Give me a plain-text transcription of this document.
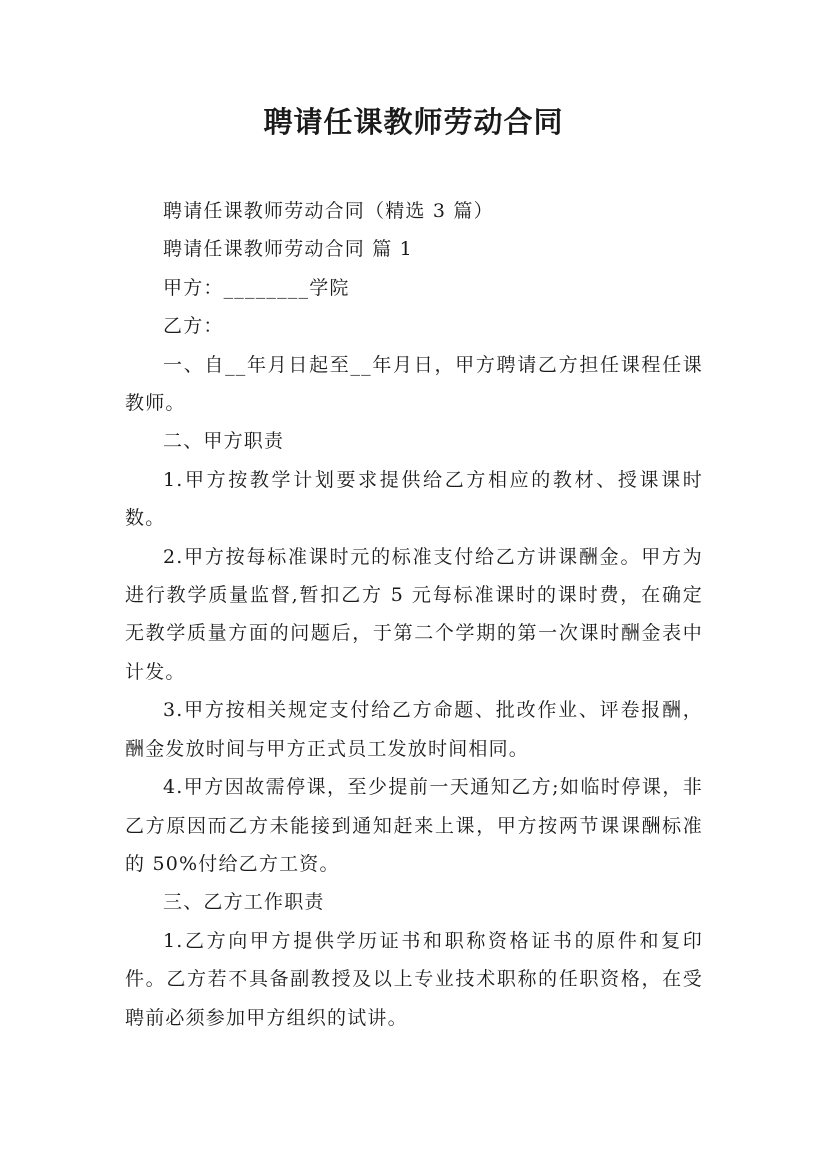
聘请任课教师劳动合同

聘请任课教师劳动合同（精选 3 篇）

聘请任课教师劳动合同 篇 1

甲方：________学院

乙方：

一、自__年月日起至__年月日，甲方聘请乙方担任课程任课教师。

二、甲方职责

1.甲方按教学计划要求提供给乙方相应的教材、授课课时数。

2.甲方按每标准课时元的标准支付给乙方讲课酬金。甲方为进行教学质量监督,暂扣乙方 5 元每标准课时的课时费，在确定无教学质量方面的问题后，于第二个学期的第一次课时酬金表中计发。

3.甲方按相关规定支付给乙方命题、批改作业、评卷报酬，酬金发放时间与甲方正式员工发放时间相同。

4.甲方因故需停课，至少提前一天通知乙方;如临时停课，非乙方原因而乙方未能接到通知赶来上课，甲方按两节课课酬标准的 50%付给乙方工资。

三、乙方工作职责

1.乙方向甲方提供学历证书和职称资格证书的原件和复印件。乙方若不具备副教授及以上专业技术职称的任职资格，在受聘前必须参加甲方组织的试讲。
